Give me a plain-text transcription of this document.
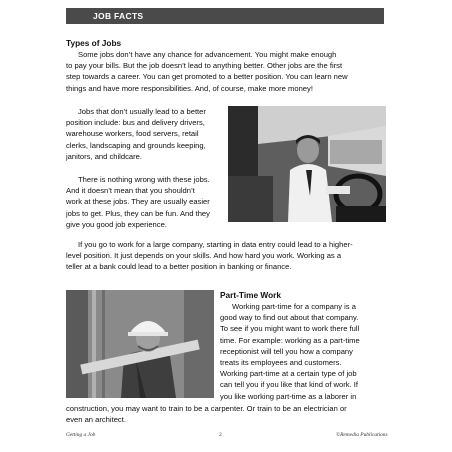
JOB FACTS
Types of Jobs
Some jobs don’t have any chance for advancement. You might make enough
to pay your bills. But the job doesn’t lead to anything better. Other jobs are the first
step towards a career. You can get promoted to a better position. You can learn new
things and have more responsibilities. And, of course, make more money!
Jobs that don’t usually lead to a better
position include: bus and delivery drivers,
warehouse workers, food servers, retail
clerks, landscaping and grounds keeping,
janitors, and childcare.
There is nothing wrong with these jobs.
And it doesn’t mean that you shouldn’t
work at these jobs. They are usually easier
jobs to get. Plus, they can be fun. And they
give you good job experience.
If you go to work for a large company, starting in data entry could lead to a higher-
level position. It just depends on your skills. And how hard you work. Working as a
teller at a bank could lead to a better position in banking or finance.
Part-Time Work
Working part-time for a company is a
good way to find out about that company.
To see if you might want to work there full
time. For example: working as a part-time
receptionist will tell you how a company
treats its employees and customers.
Working part-time at a certain type of job
can tell you if you like that kind of work. If
you like working part-time as a laborer in
construction, you may want to train to be a carpenter. Or train to be an electrician or
even an architect.
Getting a Job	2	©Remedia Publications
